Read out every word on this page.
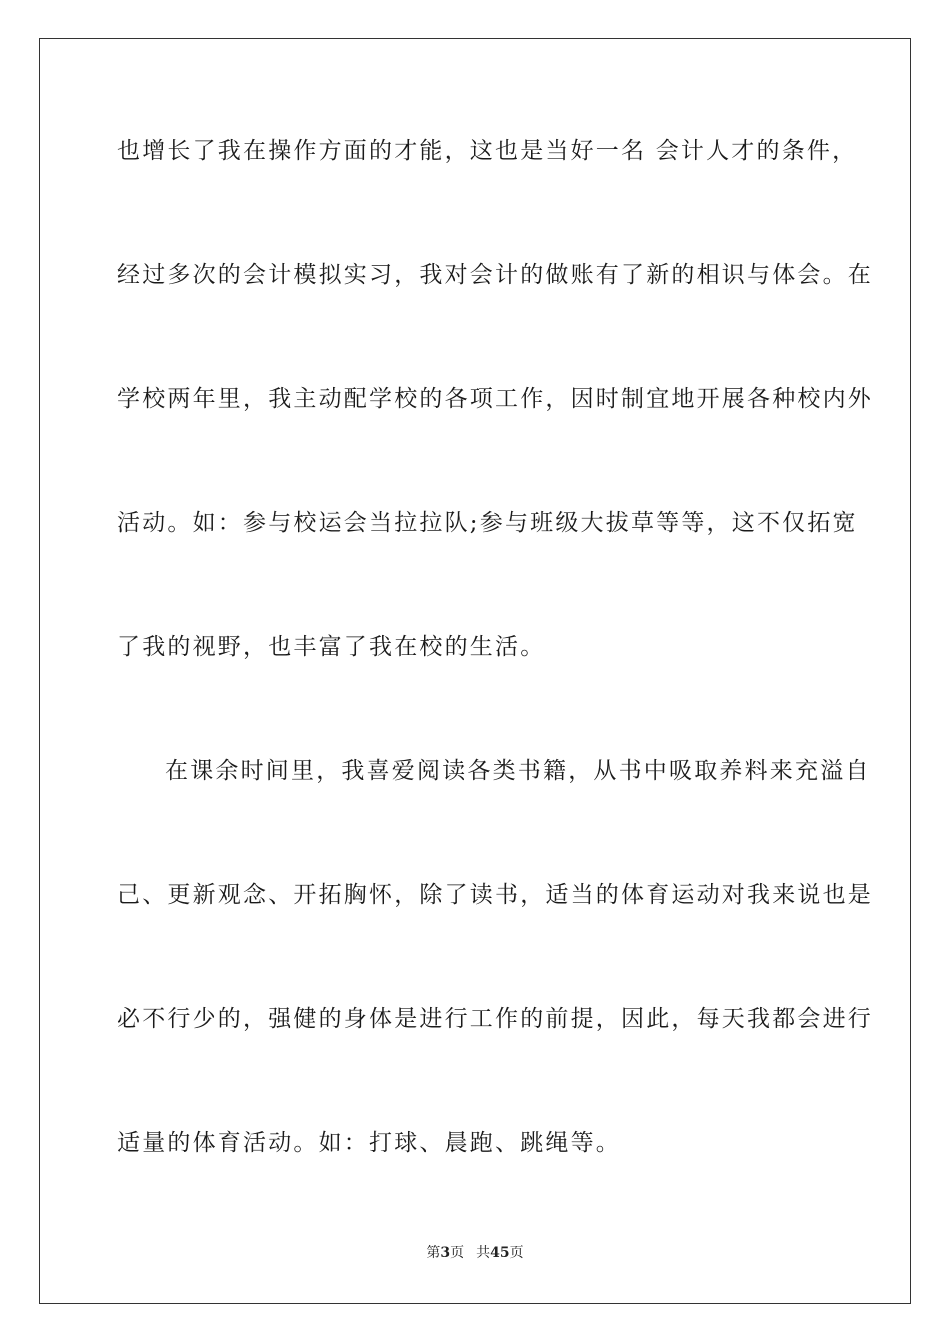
也增长了我在操作方面的才能，这也是当好一名 会计人才的条件，
经过多次的会计模拟实习，我对会计的做账有了新的相识与体会。在
学校两年里，我主动配学校的各项工作，因时制宜地开展各种校内外
活动。如：参与校运会当拉拉队;参与班级大拔草等等，这不仅拓宽
了我的视野，也丰富了我在校的生活。
在课余时间里，我喜爱阅读各类书籍，从书中吸取养料来充溢自
己、更新观念、开拓胸怀，除了读书，适当的体育运动对我来说也是
必不行少的，强健的身体是进行工作的前提，因此，每天我都会进行
适量的体育活动。如：打球、晨跑、跳绳等。
第3页 共45页
